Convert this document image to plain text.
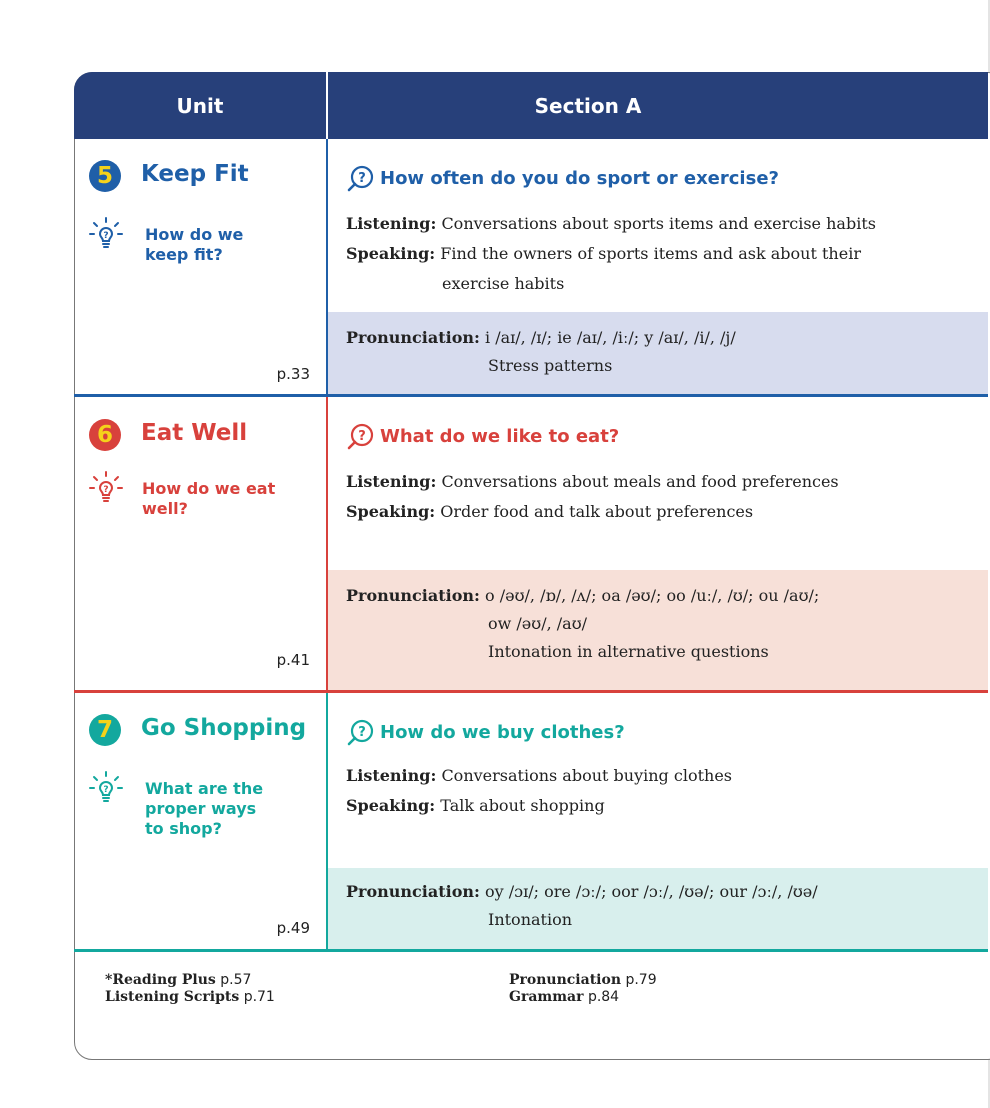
Unit	Section A
5	Keep Fit
? How do we keep fit?
p.33
? How often do you do sport or exercise?
Listening: Conversations about sports items and exercise habits
Speaking: Find the owners of sports items and ask about their
exercise habits
Pronunciation: i /aɪ/, /ɪ/; ie /aɪ/, /iː/; y /aɪ/, /i/, /j/
Stress patterns
6	Eat Well
? How do we eat well?
p.41
? What do we like to eat?
Listening: Conversations about meals and food preferences
Speaking: Order food and talk about preferences
Pronunciation: o /əʊ/, /ɒ/, /ʌ/; oa /əʊ/; oo /uː/, /ʊ/; ou /aʊ/;
ow /əʊ/, /aʊ/
Intonation in alternative questions
7	Go Shopping
? What are the proper ways to shop?
p.49
? How do we buy clothes?
Listening: Conversations about buying clothes
Speaking: Talk about shopping
Pronunciation: oy /ɔɪ/; ore /ɔː/; oor /ɔː/, /ʊə/; our /ɔː/, /ʊə/
Intonation
*Reading Plus p.57
Listening Scripts p.71
Pronunciation p.79
Grammar p.84
